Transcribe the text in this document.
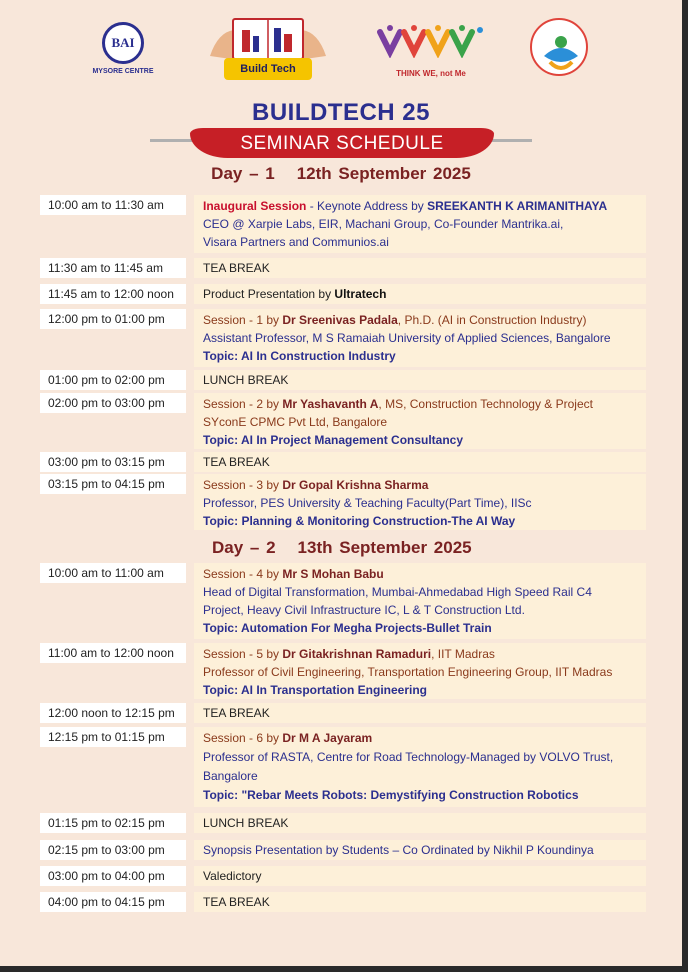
BAI
MYSORE CENTRE	Build Tech	THINK WE, not Me
BUILDTECH 25
SEMINAR SCHEDULE
Day – 1 12th September 2025
10:00 am to 11:30 am	Inaugural Session - Keynote Address by SREEKANTH K ARIMANITHAYA
CEO @ Xarpie Labs, EIR, Machani Group, Co-Founder Mantrika.ai,
Visara Partners and Communios.ai
11:30 am to 11:45 am	TEA BREAK
11:45 am to 12:00 noon	Product Presentation by Ultratech
12:00 pm to 01:00 pm	Session - 1 by Dr Sreenivas Padala, Ph.D. (AI in Construction Industry)
Assistant Professor, M S Ramaiah University of Applied Sciences, Bangalore
Topic: AI In Construction Industry
01:00 pm to 02:00 pm	LUNCH BREAK
02:00 pm to 03:00 pm	Session - 2 by Mr Yashavanth A, MS, Construction Technology & Project
SYconE CPMC Pvt Ltd, Bangalore
Topic: AI In Project Management Consultancy
03:00 pm to 03:15 pm	TEA BREAK
03:15 pm to 04:15 pm	Session - 3 by Dr Gopal Krishna Sharma
Professor, PES University & Teaching Faculty(Part Time), IISc
Topic: Planning & Monitoring Construction-The AI Way
Day – 2 13th September 2025
10:00 am to 11:00 am	Session - 4 by Mr S Mohan Babu
Head of Digital Transformation, Mumbai-Ahmedabad High Speed Rail C4
Project, Heavy Civil Infrastructure IC, L & T Construction Ltd.
Topic: Automation For Megha Projects-Bullet Train
11:00 am to 12:00 noon	Session - 5 by Dr Gitakrishnan Ramaduri, IIT Madras
Professor of Civil Engineering, Transportation Engineering Group, IIT Madras
Topic: AI In Transportation Engineering
12:00 noon to 12:15 pm	TEA BREAK
12:15 pm to 01:15 pm	Session - 6 by Dr M A Jayaram
Professor of RASTA, Centre for Road Technology-Managed by VOLVO Trust,
Bangalore
Topic: "Rebar Meets Robots: Demystifying Construction Robotics
01:15 pm to 02:15 pm	LUNCH BREAK
02:15 pm to 03:00 pm	Synopsis Presentation by Students – Co Ordinated by Nikhil P Koundinya
03:00 pm to 04:00 pm	Valedictory
04:00 pm to 04:15 pm	TEA BREAK
